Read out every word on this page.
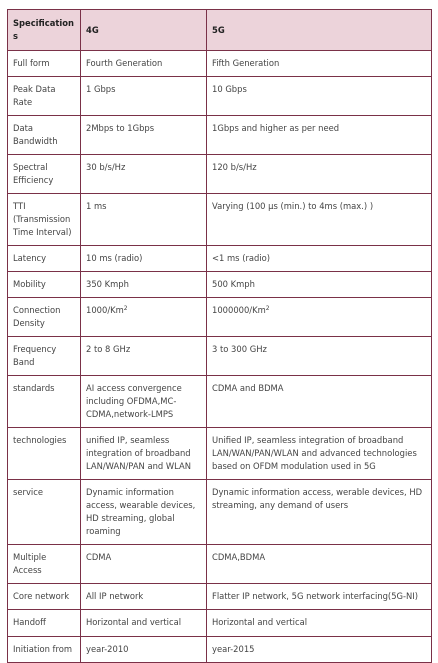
Specifications	4G	5G
Full form	Fourth Generation	Fifth Generation
Peak Data Rate	1 Gbps	10 Gbps
Data Bandwidth	2Mbps to 1Gbps	1Gbps and higher as per need
Spectral Efficiency	30 b/s/Hz	120 b/s/Hz
TTI (Transmission Time Interval)	1 ms	Varying (100 µs (min.) to 4ms (max.) )
Latency	10 ms (radio)	<1 ms (radio)
Mobility	350 Kmph	500 Kmph
Connection Density	1000/Km$^2$	1000000/Km$^2$
Frequency Band	2 to 8 GHz	3 to 300 GHz
standards	AI access convergence including OFDMA,MC-CDMA,network-LMPS	CDMA and BDMA
technologies	unified IP, seamless integration of broadband LAN/WAN/PAN and WLAN	Unified IP, seamless integration of broadband LAN/WAN/PAN/WLAN and advanced technologies based on OFDM modulation used in 5G
service	Dynamic information access, wearable devices, HD streaming, global roaming	Dynamic information access, werable devices, HD streaming, any demand of users
Multiple Access	CDMA	CDMA,BDMA
Core network	All IP network	Flatter IP network, 5G network interfacing(5G-NI)
Handoff	Horizontal and vertical	Horizontal and vertical
Initiation from	year-2010	year-2015
